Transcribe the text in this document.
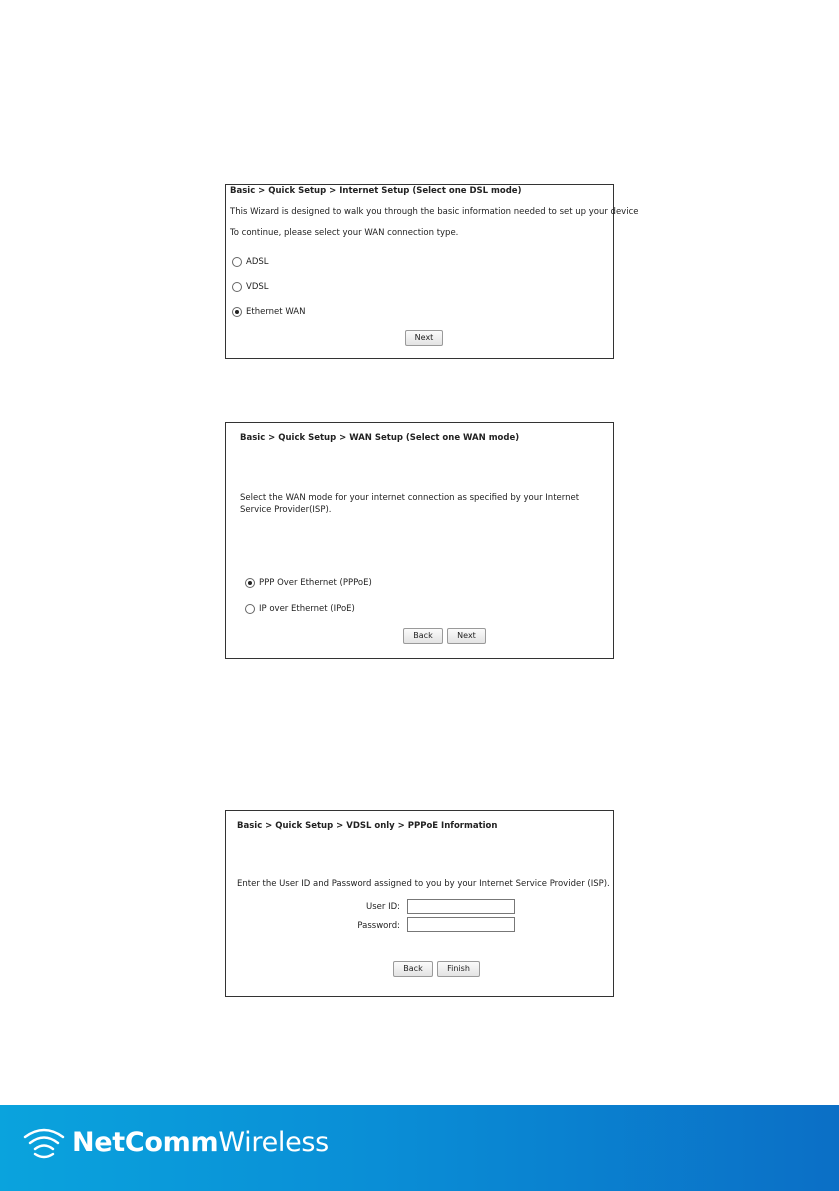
Basic > Quick Setup > Internet Setup (Select one DSL mode)
This Wizard is designed to walk you through the basic information needed to set up your device
To continue, please select your WAN connection type.
ADSL
VDSL
Ethernet WAN
Next
Basic > Quick Setup > WAN Setup (Select one WAN mode)
Select the WAN mode for your internet connection as specified by your Internet Service Provider(ISP).
PPP Over Ethernet (PPPoE)
IP over Ethernet (IPoE)
Back	Next
Basic > Quick Setup > VDSL only > PPPoE Information
Enter the User ID and Password assigned to you by your Internet Service Provider (ISP).
User ID:
Password:
Back	Finish
NetCommWireless
